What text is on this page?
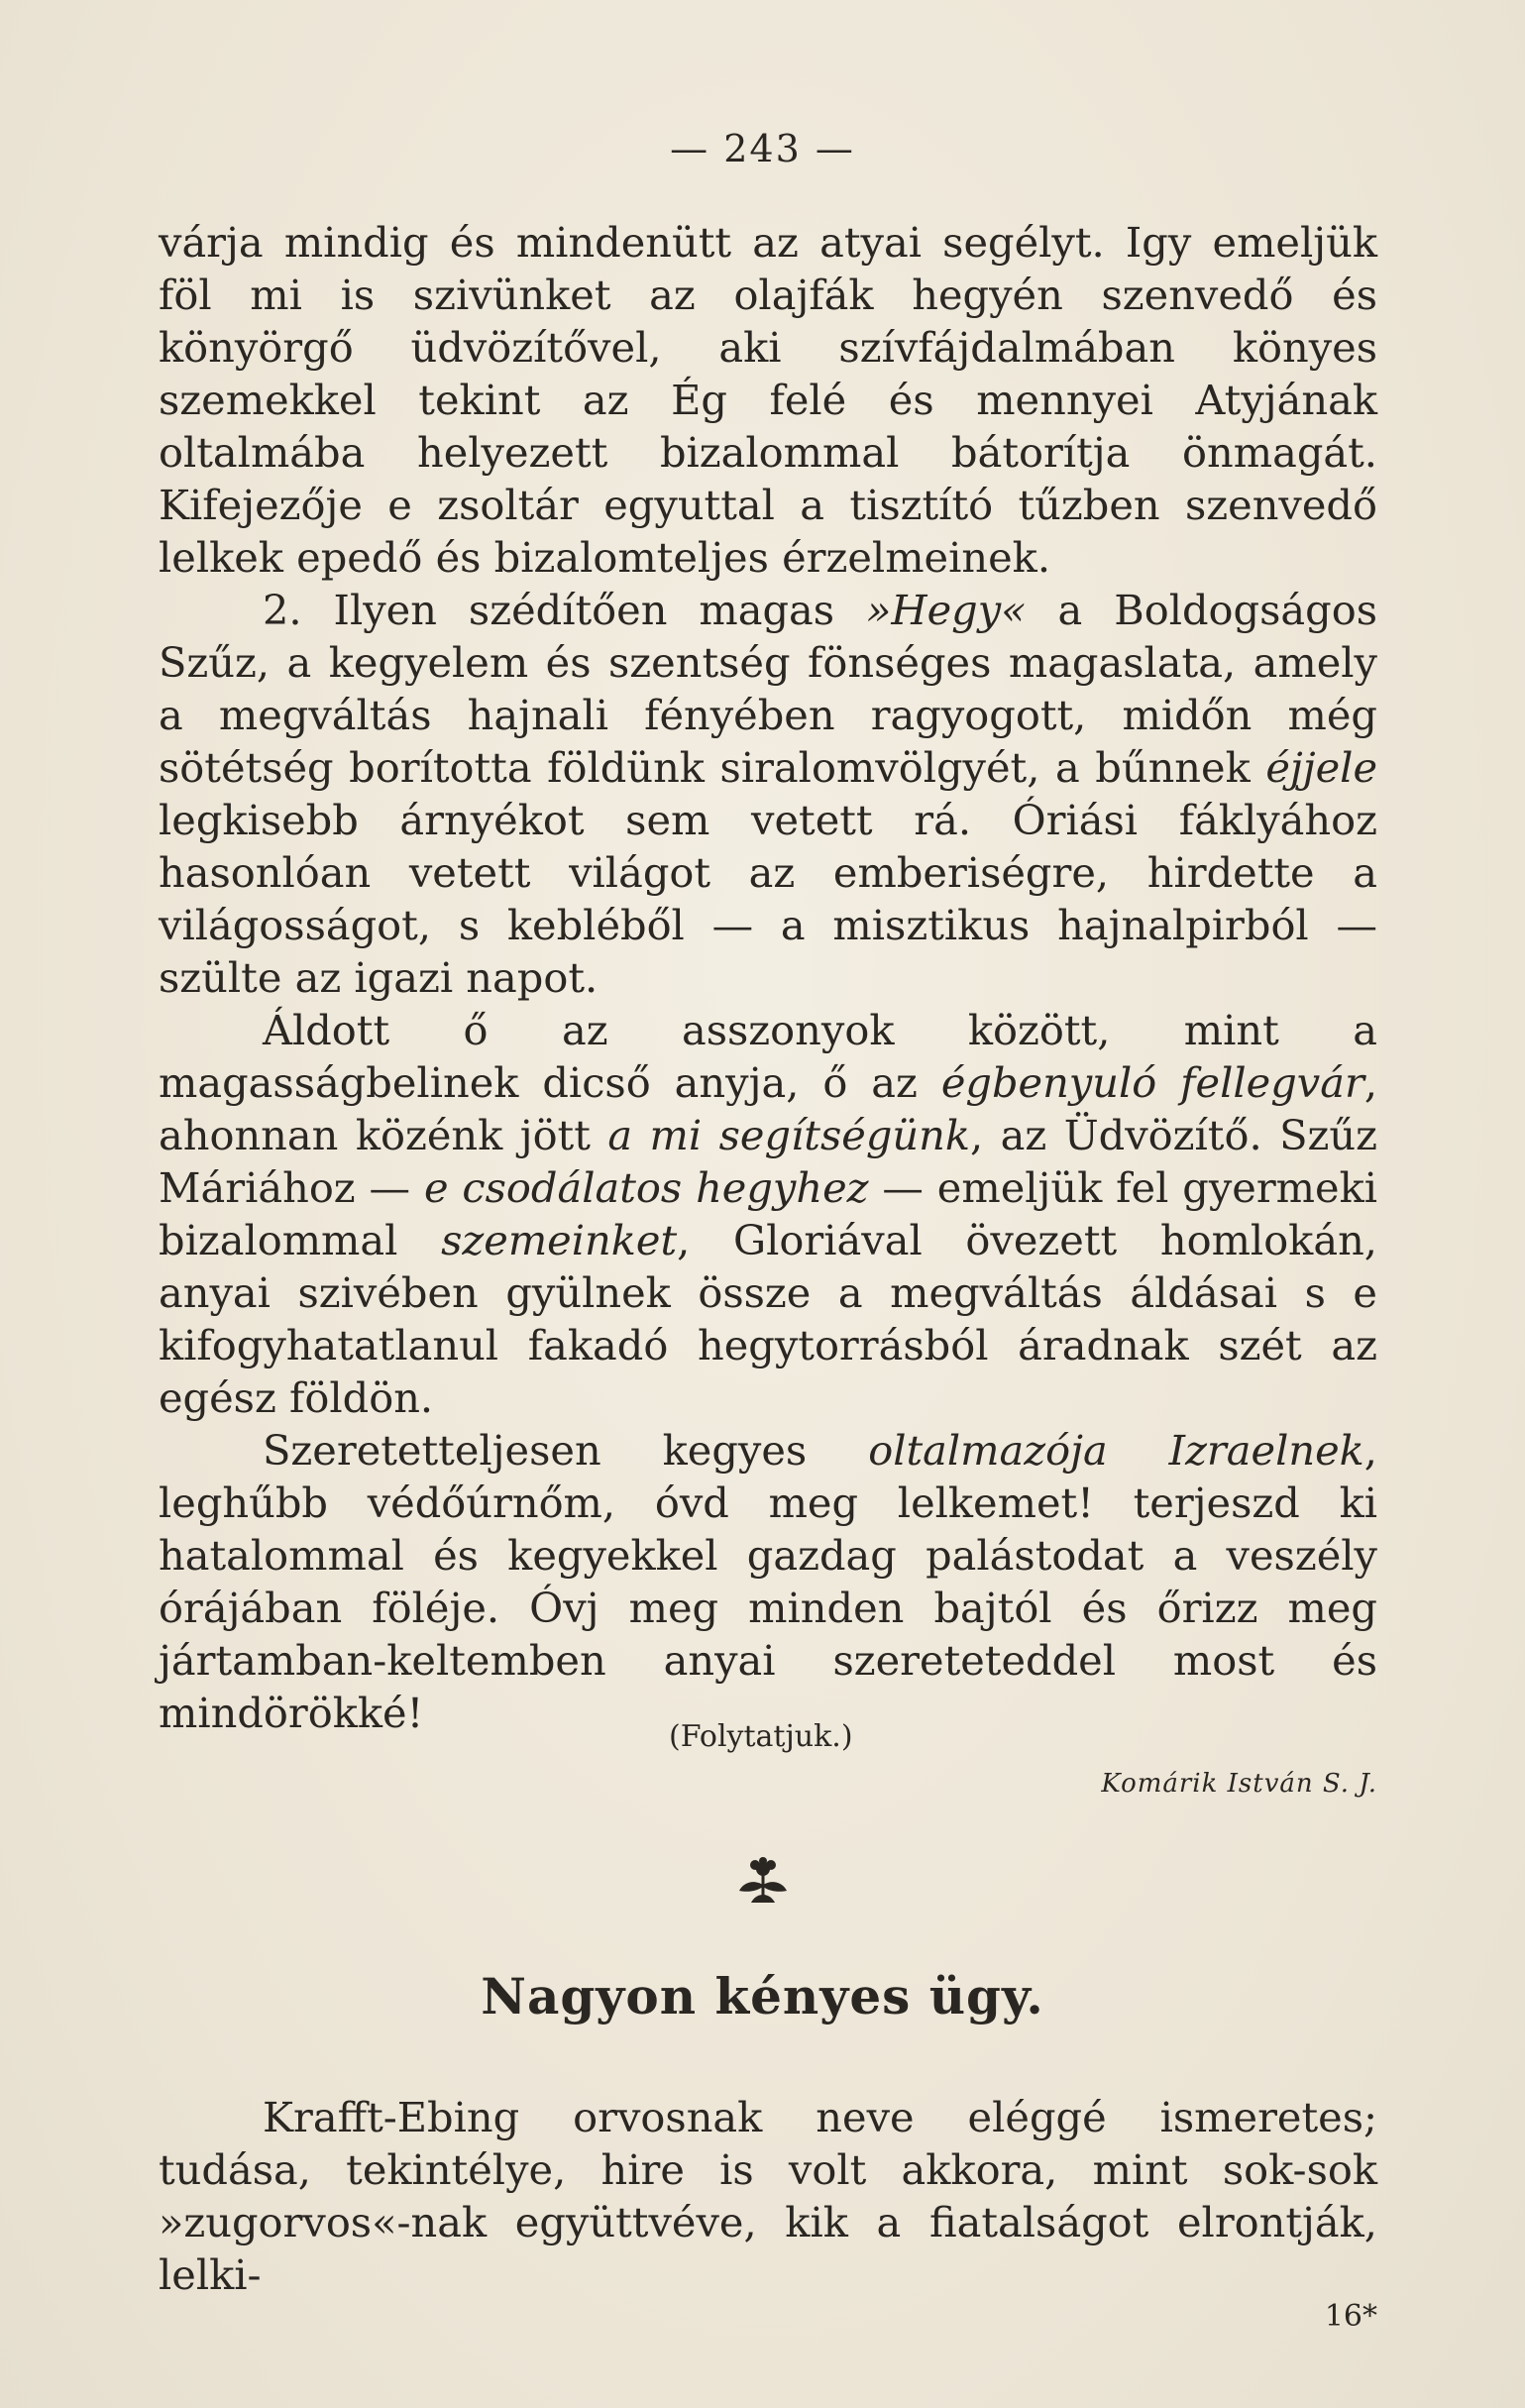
— 243 —

várja mindig és mindenütt az atyai segélyt. Igy emeljük föl mi is szivünket az olajfák hegyén szenvedő és könyörgő üdvözítővel, aki szívfájdalmában könyes szemekkel tekint az Ég felé és mennyei Atyjának oltalmába helyezett bizalommal bátorítja önmagát. Kifejezője e zsoltár egyuttal a tisztító tűzben szenvedő lelkek epedő és bizalomteljes érzelmeinek.

2. Ilyen szédítően magas »Hegy« a Boldogságos Szűz, a kegyelem és szentség fönséges magaslata, amely a megváltás hajnali fényében ragyogott, midőn még sötétség borította földünk siralomvölgyét, a bűnnek éjjele legkisebb árnyékot sem vetett rá. Óriási fáklyához hasonlóan vetett világot az emberiségre, hirdette a világosságot, s kebléből — a misztikus hajnalpirból — szülte az igazi napot.

Áldott ő az asszonyok között, mint a magasságbelinek dicső anyja, ő az égbenyuló fellegvár, ahonnan közénk jött a mi segítségünk, az Üdvözítő. Szűz Máriához — e csodálatos hegyhez — emeljük fel gyermeki bizalommal szemeinket, Gloriával övezett homlokán, anyai szivében gyülnek össze a megváltás áldásai s e kifogyhatatlanul fakadó hegytorrásból áradnak szét az egész földön.

Szeretetteljesen kegyes oltalmazója Izraelnek, leghűbb védőúrnőm, óvd meg lelkemet! terjeszd ki hatalommal és kegyekkel gazdag palástodat a veszély órájában föléje. Óvj meg minden bajtól és őrizz meg jártamban-keltemben anyai szereteteddel most és mindörökké!	(Folytatjuk.)
Komárik István S. J.
Nagyon kényes ügy.

Krafft-Ebing orvosnak neve eléggé ismeretes; tudása, tekintélye, hire is volt akkora, mint sok-sok »zugorvos«-nak együttvéve, kik a fiatalságot elrontják, lelki-

16*
